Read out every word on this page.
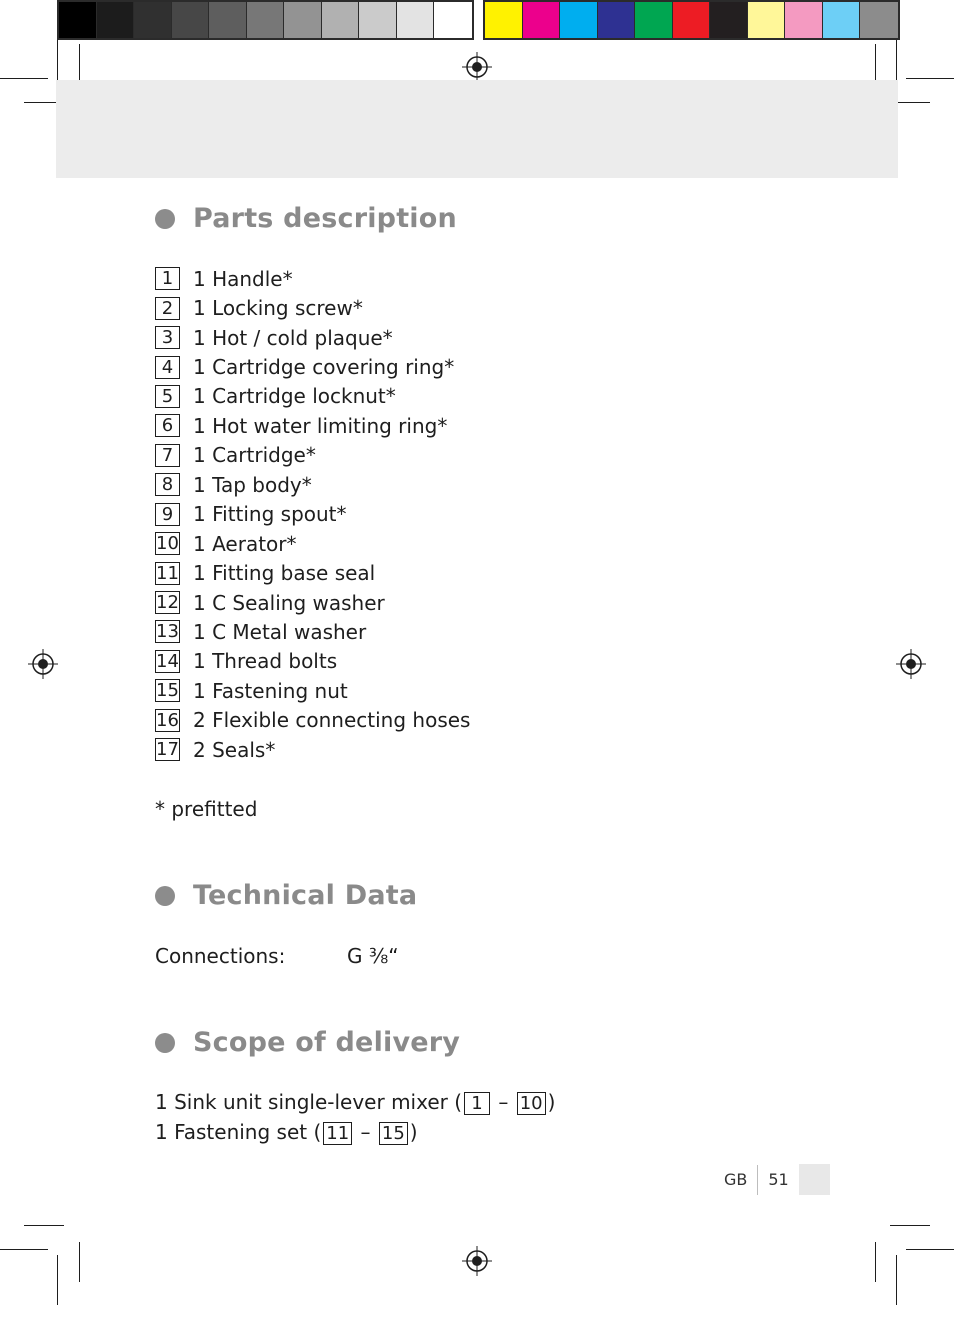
Parts description
1 1 Handle*
2 1 Locking screw*
3 1 Hot / cold plaque*
4 1 Cartridge covering ring*
5 1 Cartridge locknut*
6 1 Hot water limiting ring*
7 1 Cartridge*
8 1 Tap body*
9 1 Fitting spout*
10 1 Aerator*
11 1 Fitting base seal
12 1 C Sealing washer
13 1 C Metal washer
14 1 Thread bolts
15 1 Fastening nut
16 2 Flexible connecting hoses
17 2 Seals*
* prefitted
Technical Data
Connections:	G ⅜“
Scope of delivery
1 Sink unit single-lever mixer ( 1 – 10 )
1 Fastening set ( 11 – 15 )
GB 51
